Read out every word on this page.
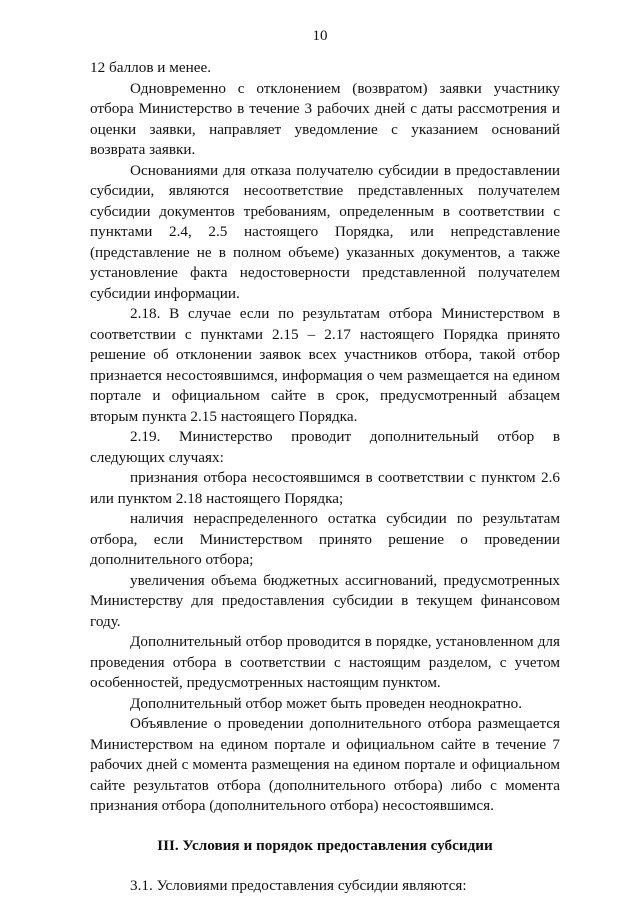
10

12 баллов и менее.

Одновременно с отклонением (возвратом) заявки участнику отбора Министерство в течение 3 рабочих дней с даты рассмотрения и оценки заявки, направляет уведомление с указанием оснований возврата заявки.

Основаниями для отказа получателю субсидии в предоставлении субсидии, являются несоответствие представленных получателем субсидии документов требованиям, определенным в соответствии с пунктами 2.4, 2.5 настоящего Порядка, или непредставление (представление не в полном объеме) указанных документов, а также установление факта недостоверности представленной получателем субсидии информации.

2.18. В случае если по результатам отбора Министерством в соответствии с пунктами 2.15 – 2.17 настоящего Порядка принято решение об отклонении заявок всех участников отбора, такой отбор признается несостоявшимся, информация о чем размещается на едином портале и официальном сайте в срок, предусмотренный абзацем вторым пункта 2.15 настоящего Порядка.

2.19. Министерство проводит дополнительный отбор в следующих случаях:

признания отбора несостоявшимся в соответствии с пунктом 2.6 или пунктом 2.18 настоящего Порядка;

наличия нераспределенного остатка субсидии по результатам отбора, если Министерством принято решение о проведении дополнительного отбора;

увеличения объема бюджетных ассигнований, предусмотренных Министерству для предоставления субсидии в текущем финансовом году.

Дополнительный отбор проводится в порядке, установленном для проведения отбора в соответствии с настоящим разделом, с учетом особенностей, предусмотренных настоящим пунктом.

Дополнительный отбор может быть проведен неоднократно.

Объявление о проведении дополнительного отбора размещается Министерством на едином портале и официальном сайте в течение 7 рабочих дней с момента размещения на едином портале и официальном сайте результатов отбора (дополнительного отбора) либо с момента признания отбора (дополнительного отбора) несостоявшимся.

III. Условия и порядок предоставления субсидии

3.1. Условиями предоставления субсидии являются:
